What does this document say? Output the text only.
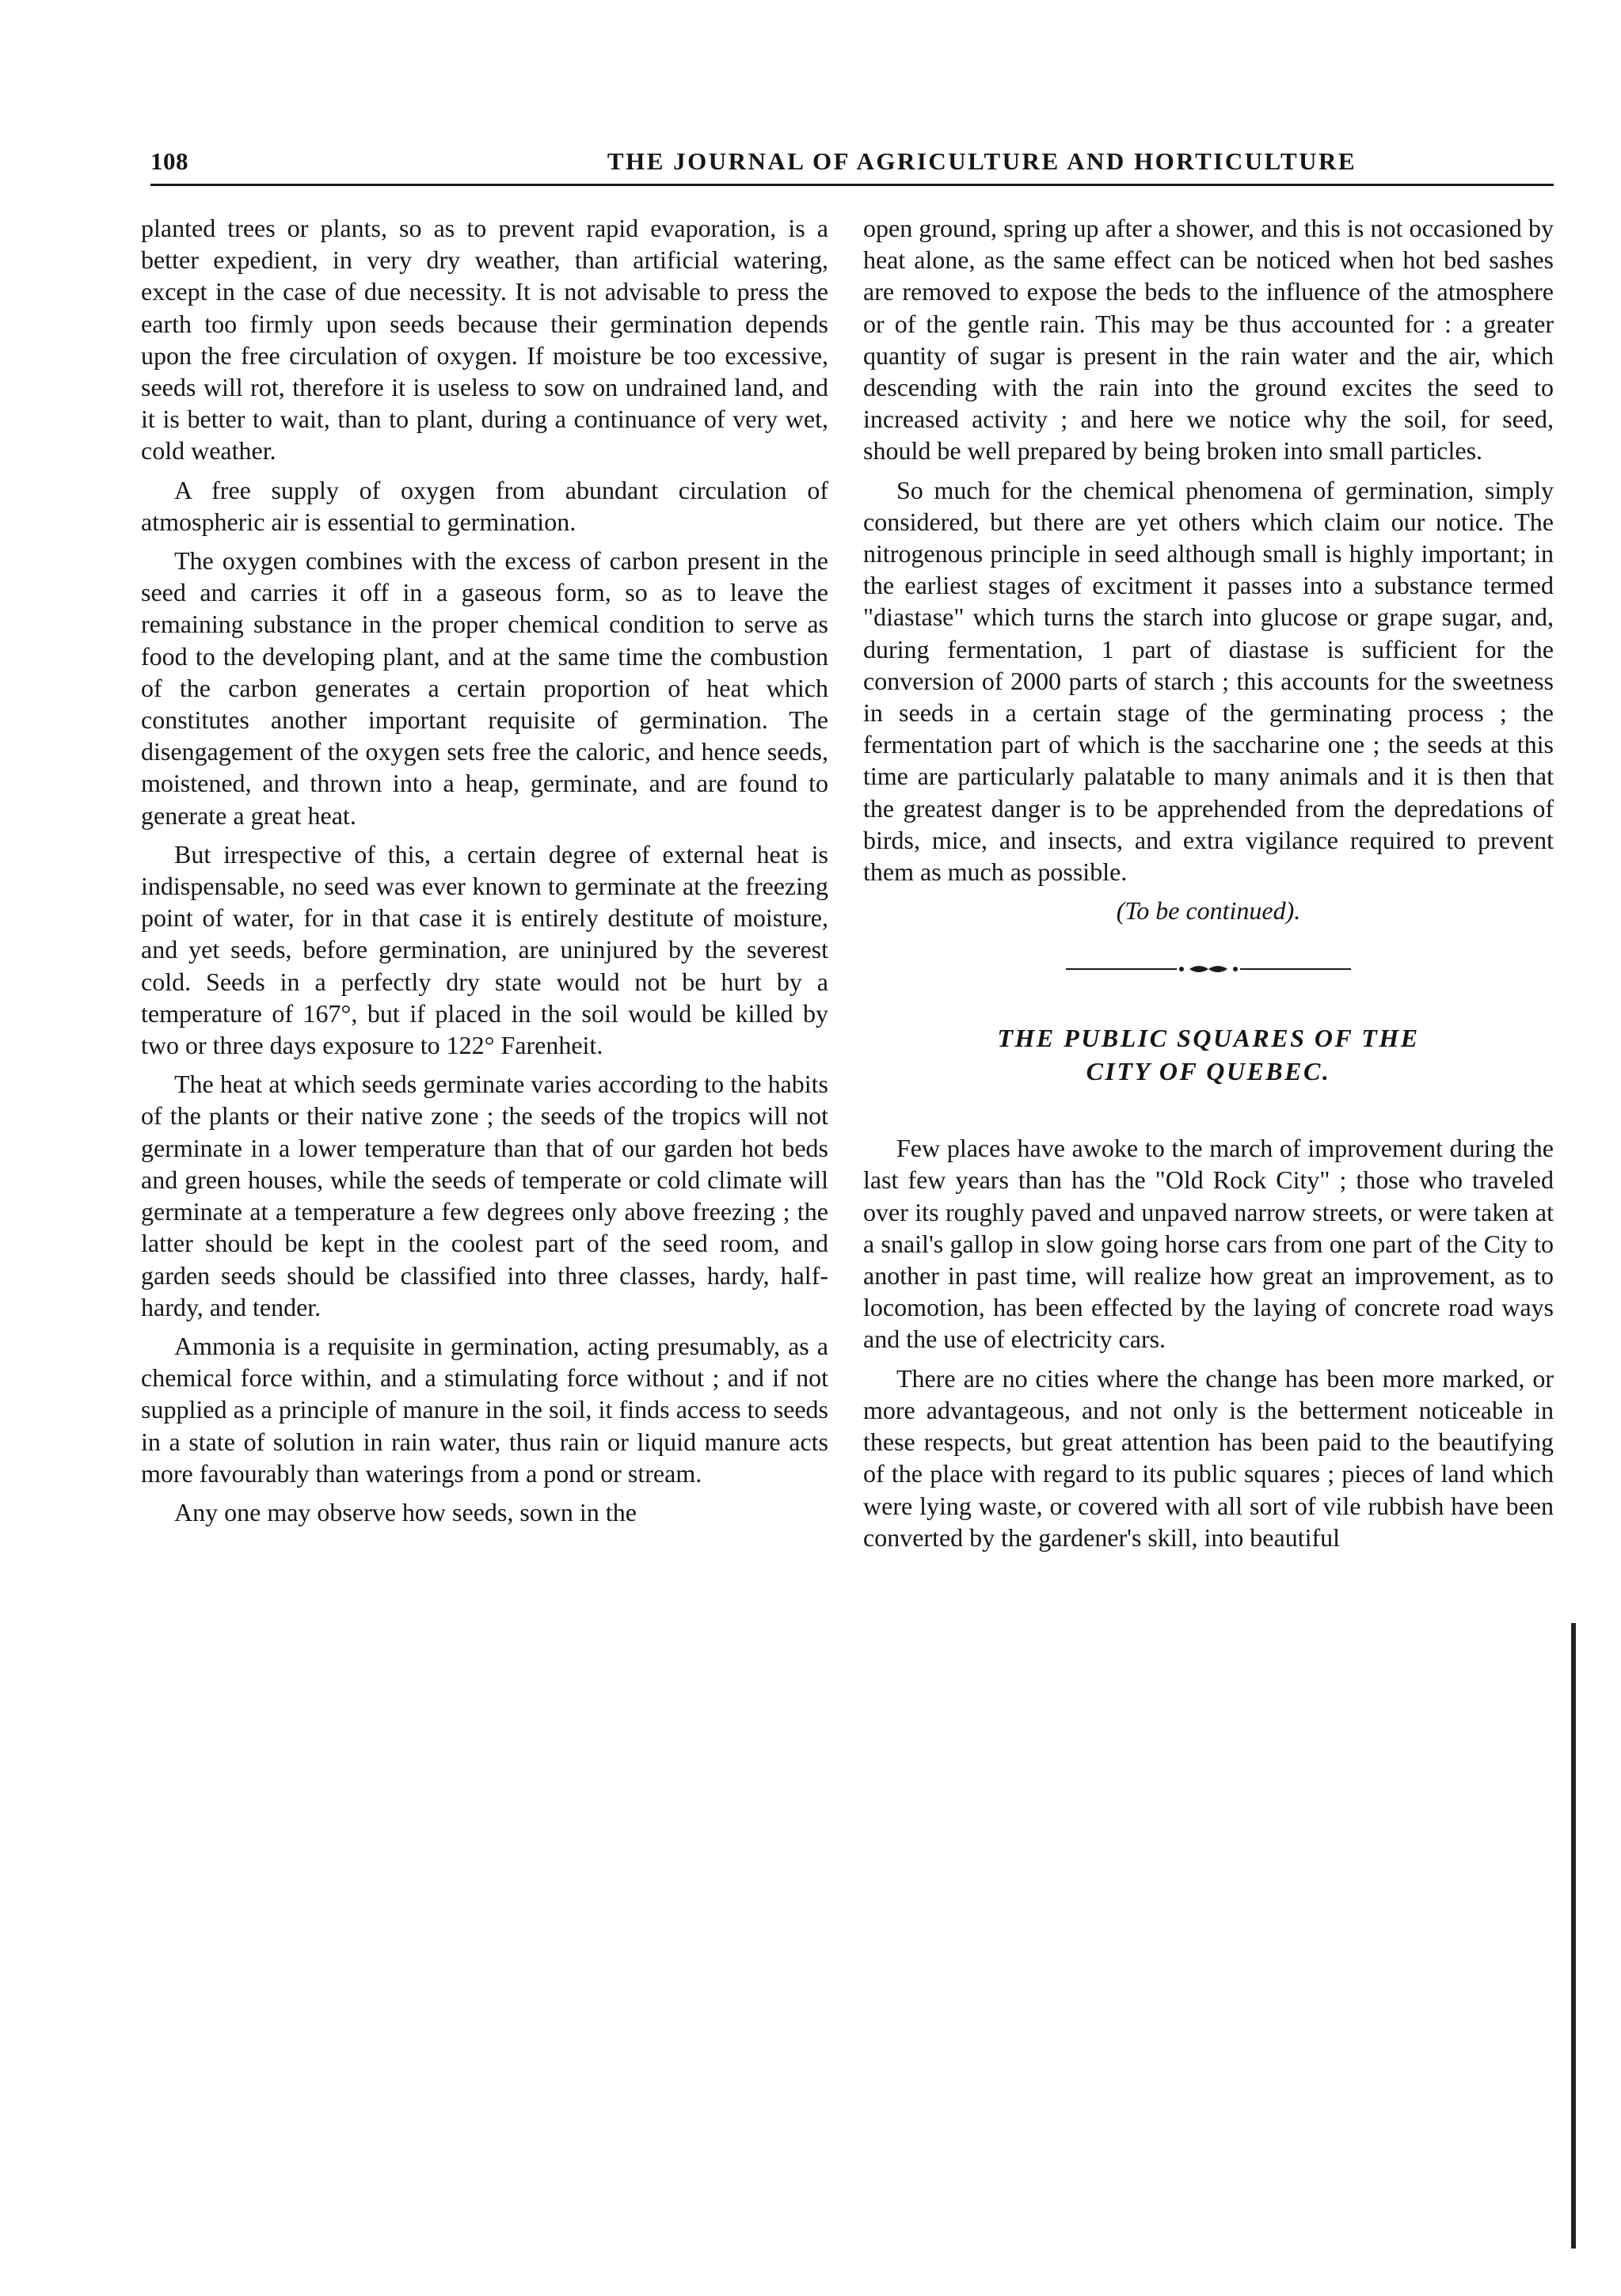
108	THE JOURNAL OF AGRICULTURE AND HORTICULTURE

planted trees or plants, so as to prevent rapid evaporation, is a better expedient, in very dry weather, than artificial watering, except in the case of due necessity. It is not advisable to press the earth too firmly upon seeds because their germination depends upon the free circulation of oxygen. If moisture be too excessive, seeds will rot, therefore it is useless to sow on undrained land, and it is better to wait, than to plant, during a continuance of very wet, cold weather.

A free supply of oxygen from abundant circulation of atmospheric air is essential to germination.

The oxygen combines with the excess of carbon present in the seed and carries it off in a gaseous form, so as to leave the remaining substance in the proper chemical condition to serve as food to the developing plant, and at the same time the combustion of the carbon generates a certain proportion of heat which constitutes another important requisite of germination. The disengagement of the oxygen sets free the caloric, and hence seeds, moistened, and thrown into a heap, germinate, and are found to generate a great heat.

But irrespective of this, a certain degree of external heat is indispensable, no seed was ever known to germinate at the freezing point of water, for in that case it is entirely destitute of moisture, and yet seeds, before germination, are uninjured by the severest cold. Seeds in a perfectly dry state would not be hurt by a temperature of 167°, but if placed in the soil would be killed by two or three days exposure to 122° Farenheit.

The heat at which seeds germinate varies according to the habits of the plants or their native zone ; the seeds of the tropics will not germinate in a lower temperature than that of our garden hot beds and green houses, while the seeds of temperate or cold climate will germinate at a temperature a few degrees only above freezing ; the latter should be kept in the coolest part of the seed room, and garden seeds should be classified into three classes, hardy, half-hardy, and tender.

Ammonia is a requisite in germination, acting presumably, as a chemical force within, and a stimulating force without ; and if not supplied as a principle of manure in the soil, it finds access to seeds in a state of solution in rain water, thus rain or liquid manure acts more favourably than waterings from a pond or stream.

Any one may observe how seeds, sown in the

open ground, spring up after a shower, and this is not occasioned by heat alone, as the same effect can be noticed when hot bed sashes are removed to expose the beds to the influence of the atmosphere or of the gentle rain. This may be thus accounted for : a greater quantity of sugar is present in the rain water and the air, which descending with the rain into the ground excites the seed to increased activity ; and here we notice why the soil, for seed, should be well prepared by being broken into small particles.

So much for the chemical phenomena of germination, simply considered, but there are yet others which claim our notice. The nitrogenous principle in seed although small is highly important; in the earliest stages of excitment it passes into a substance termed "diastase" which turns the starch into glucose or grape sugar, and, during fermentation, 1 part of diastase is sufficient for the conversion of 2000 parts of starch ; this accounts for the sweetness in seeds in a certain stage of the germinating process ; the fermentation part of which is the saccharine one ; the seeds at this time are particularly palatable to many animals and it is then that the greatest danger is to be apprehended from the depredations of birds, mice, and insects, and extra vigilance required to prevent them as much as possible.

(To be continued).
THE PUBLIC SQUARES OF THE
CITY OF QUEBEC.

Few places have awoke to the march of improvement during the last few years than has the "Old Rock City" ; those who traveled over its roughly paved and unpaved narrow streets, or were taken at a snail's gallop in slow going horse cars from one part of the City to another in past time, will realize how great an improvement, as to locomotion, has been effected by the laying of concrete road ways and the use of electricity cars.

There are no cities where the change has been more marked, or more advantageous, and not only is the betterment noticeable in these respects, but great attention has been paid to the beautifying of the place with regard to its public squares ; pieces of land which were lying waste, or covered with all sort of vile rubbish have been converted by the gardener's skill, into beautiful
